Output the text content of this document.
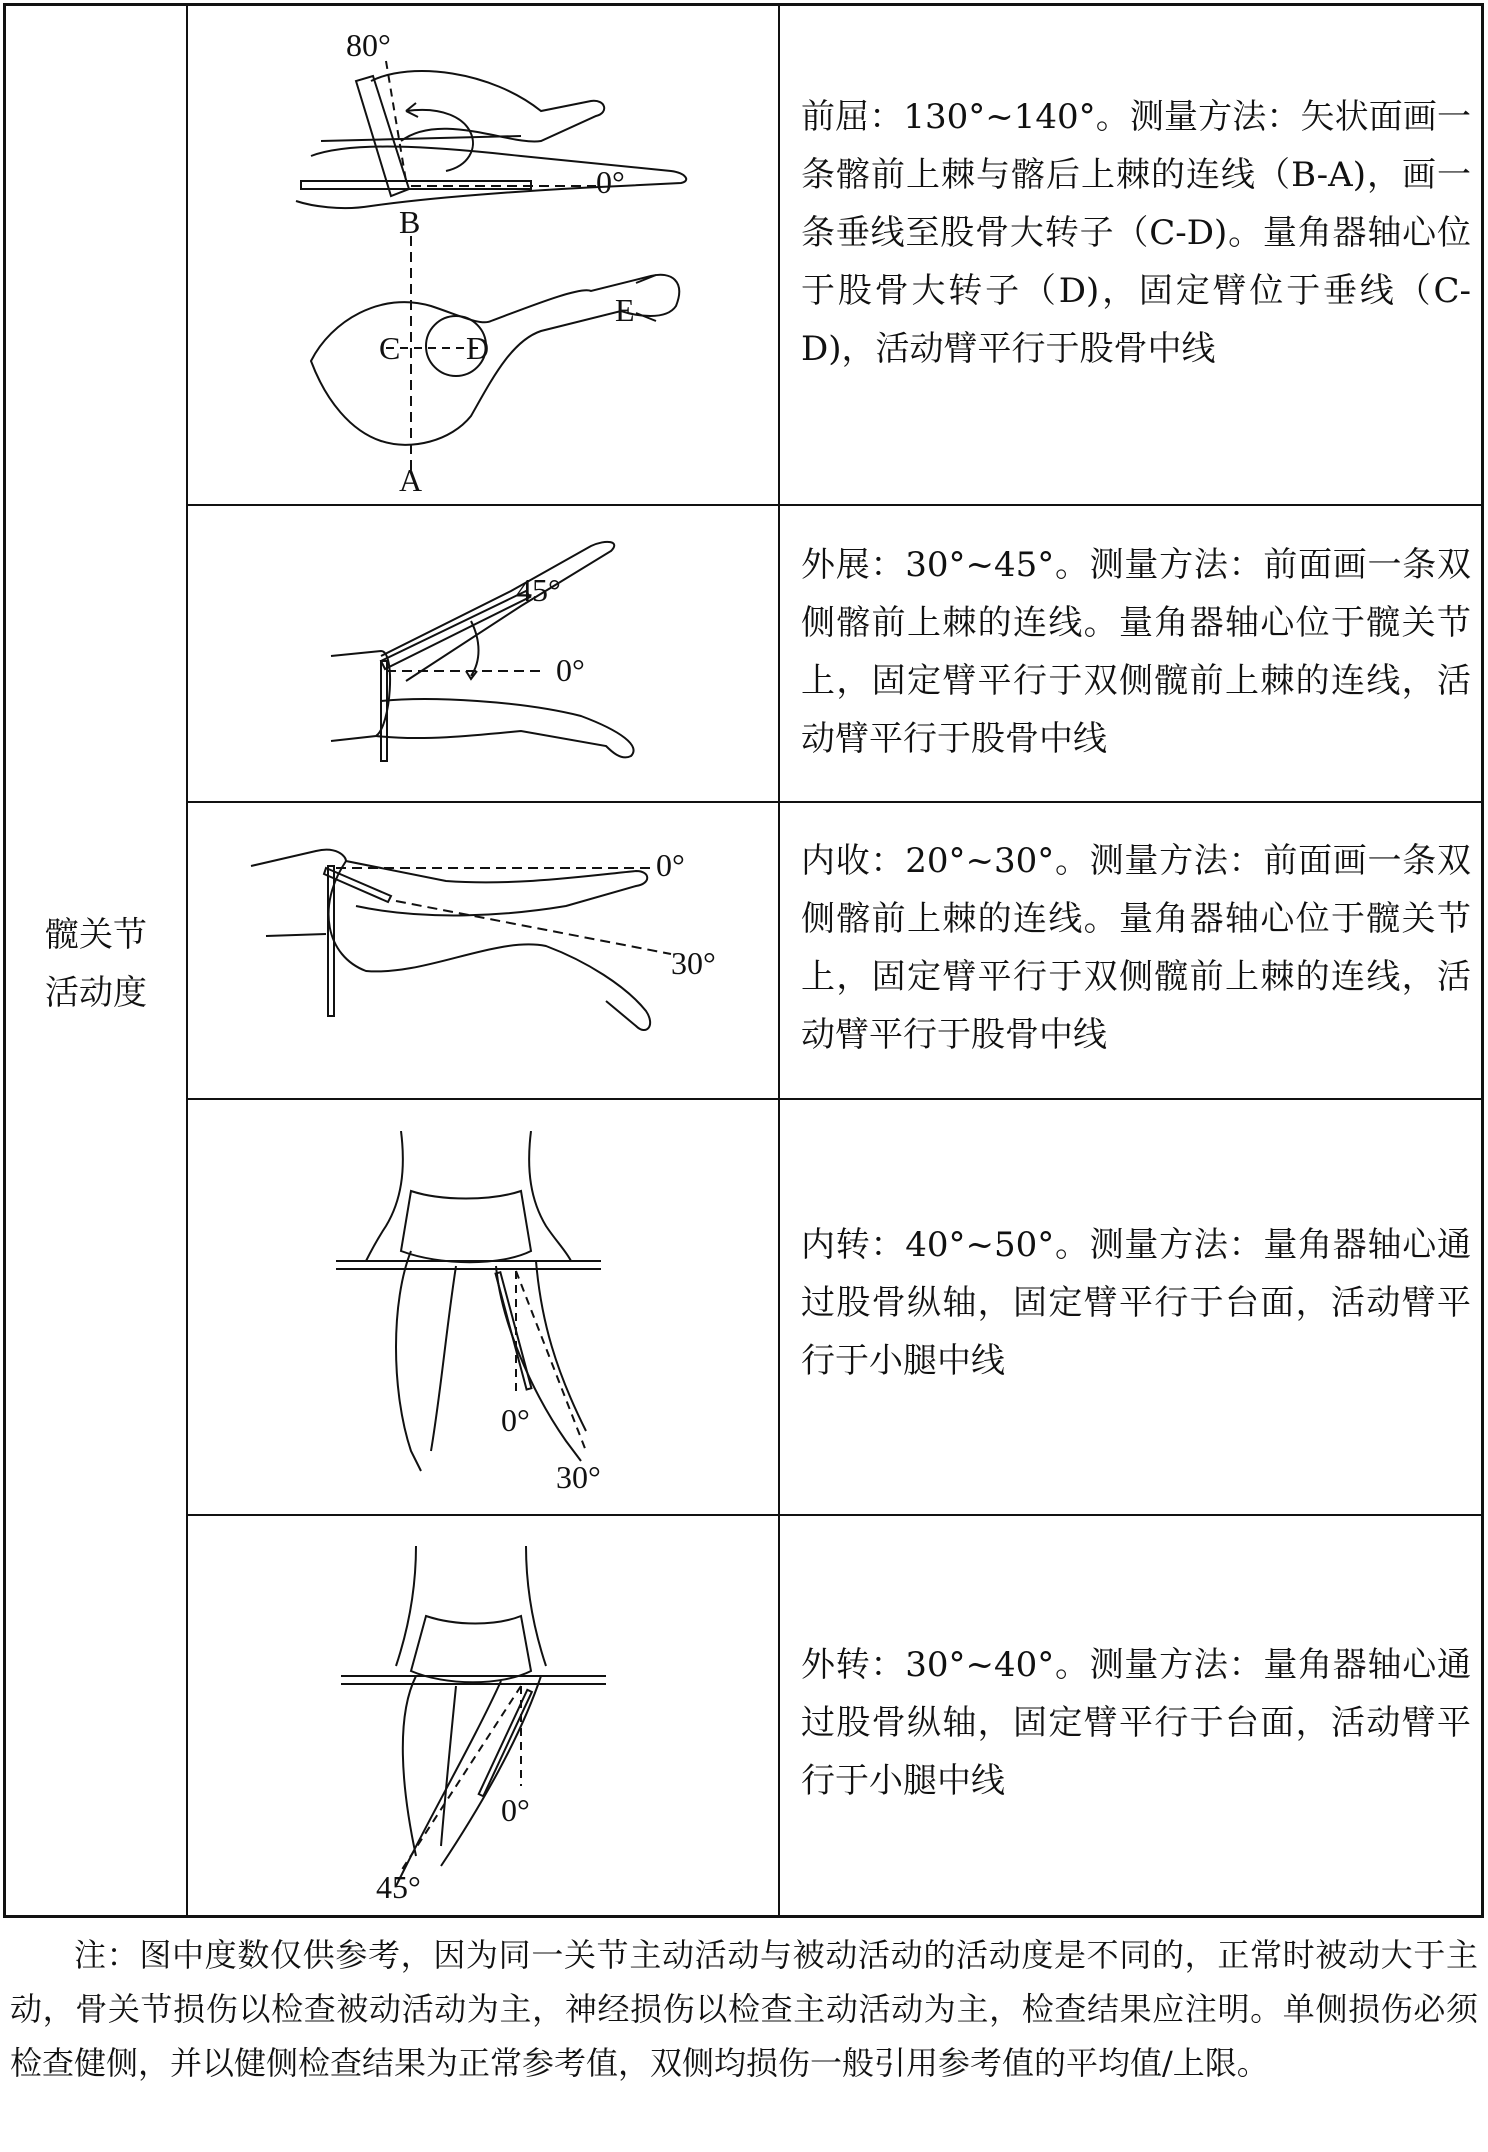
髋关节
活动度
80°
0°
B
C D
E
A
前屈：130°~140°。测量方法：矢状面画一条髂前上棘与髂后上棘的连线（B-A)，画一条垂线至股骨大转子（C-D)。量角器轴心位于股骨大转子（D)，固定臂位于垂线（C-D)，活动臂平行于股骨中线
45°
0°
外展：30°~45°。测量方法：前面画一条双侧髂前上棘的连线。量角器轴心位于髋关节上，固定臂平行于双侧髋前上棘的连线，活动臂平行于股骨中线
0°
30°
内收：20°~30°。测量方法：前面画一条双侧髂前上棘的连线。量角器轴心位于髋关节上，固定臂平行于双侧髋前上棘的连线，活动臂平行于股骨中线
0°
30°
内转：40°~50°。测量方法：量角器轴心通过股骨纵轴，固定臂平行于台面，活动臂平行于小腿中线
0°
45°
外转：30°~40°。测量方法：量角器轴心通过股骨纵轴，固定臂平行于台面，活动臂平行于小腿中线
注：图中度数仅供参考，因为同一关节主动活动与被动活动的活动度是不同的，正常时被动大于主动，骨关节损伤以检查被动活动为主，神经损伤以检查主动活动为主，检查结果应注明。单侧损伤必须检查健侧，并以健侧检查结果为正常参考值，双侧均损伤一般引用参考值的平均值/上限。
